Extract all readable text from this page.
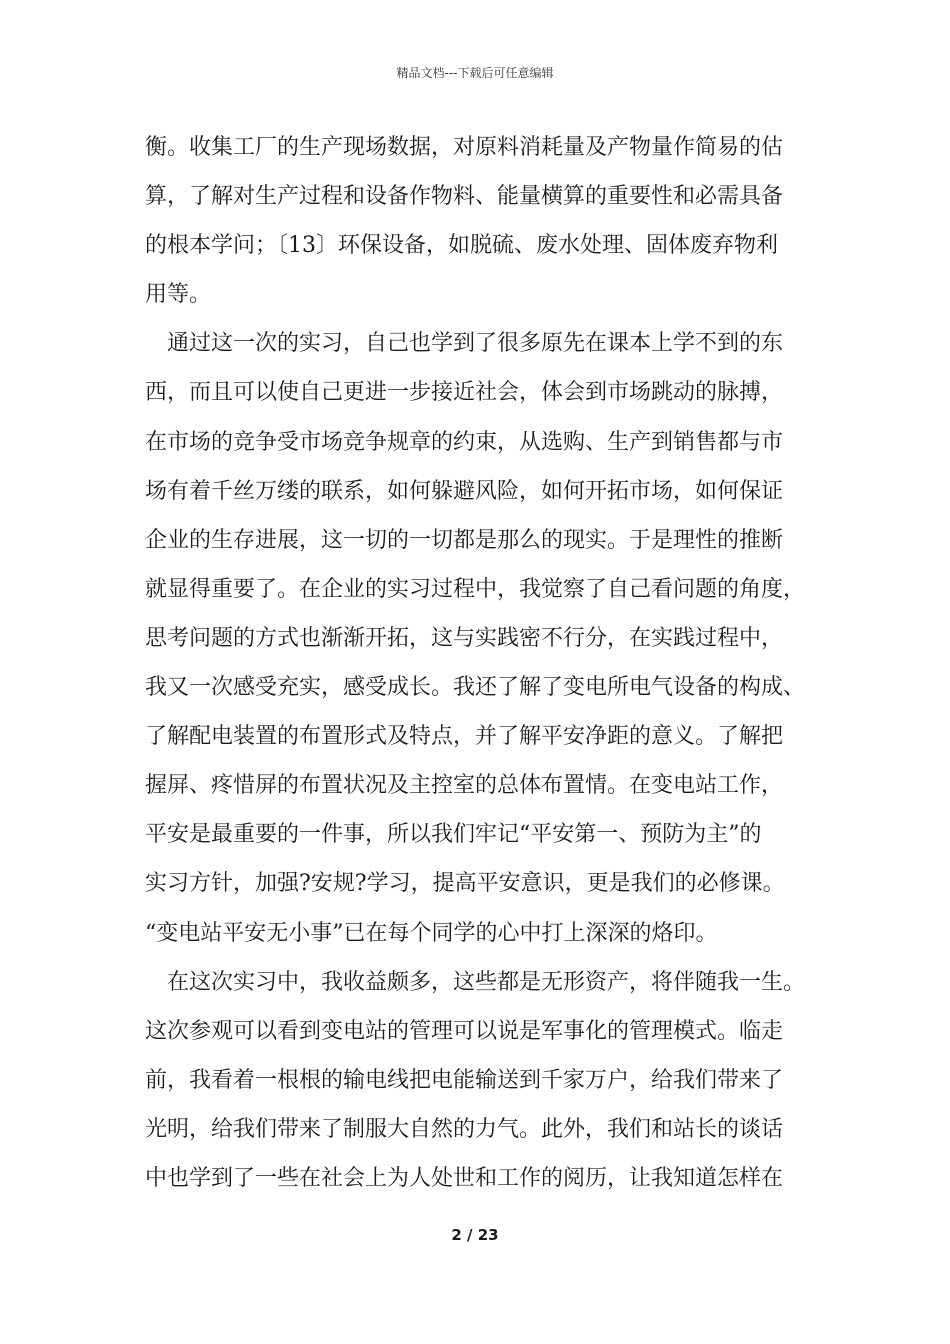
精品文档---下载后可任意编辑
衡。收集工厂的生产现场数据，对原料消耗量及产物量作简易的估
算，了解对生产过程和设备作物料、能量横算的重要性和必需具备
的根本学问；〔13〕环保设备，如脱硫、废水处理、固体废弃物利
用等。
　通过这一次的实习，自己也学到了很多原先在课本上学不到的东
西，而且可以使自己更进一步接近社会，体会到市场跳动的脉搏，
在市场的竞争受市场竞争规章的约束，从选购、生产到销售都与市
场有着千丝万缕的联系，如何躲避风险，如何开拓市场，如何保证
企业的生存进展，这一切的一切都是那么的现实。于是理性的推断
就显得重要了。在企业的实习过程中，我觉察了自己看问题的角度，
思考问题的方式也渐渐开拓，这与实践密不行分，在实践过程中，
我又一次感受充实，感受成长。我还了解了变电所电气设备的构成、
了解配电装置的布置形式及特点，并了解平安净距的意义。了解把
握屏、疼惜屏的布置状况及主控室的总体布置情。在变电站工作，
平安是最重要的一件事，所以我们牢记“平安第一、预防为主”的
实习方针，加强?安规?学习，提高平安意识，更是我们的必修课。
“变电站平安无小事”已在每个同学的心中打上深深的烙印。
　在这次实习中，我收益颇多，这些都是无形资产，将伴随我一生。
这次参观可以看到变电站的管理可以说是军事化的管理模式。临走
前，我看着一根根的输电线把电能输送到千家万户，给我们带来了
光明，给我们带来了制服大自然的力气。此外，我们和站长的谈话
中也学到了一些在社会上为人处世和工作的阅历，让我知道怎样在
2 / 23
